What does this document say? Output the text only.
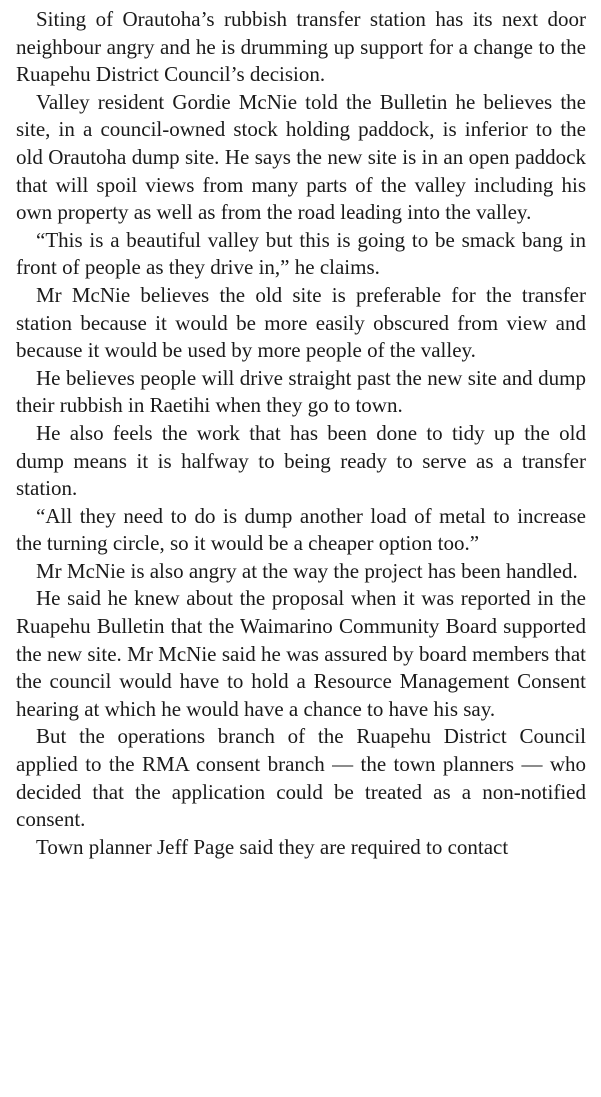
Siting of Orautoha’s rubbish transfer station has its next door neighbour angry and he is drumming up support for a change to the Ruapehu District Council’s decision.

Valley resident Gordie McNie told the Bulletin he believes the site, in a council-owned stock holding paddock, is inferior to the old Orautoha dump site. He says the new site is in an open paddock that will spoil views from many parts of the valley including his own property as well as from the road leading into the valley.

“This is a beautiful valley but this is going to be smack bang in front of people as they drive in,” he claims.

Mr McNie believes the old site is preferable for the transfer station because it would be more easily obscured from view and because it would be used by more people of the valley.

He believes people will drive straight past the new site and dump their rubbish in Raetihi when they go to town.

He also feels the work that has been done to tidy up the old dump means it is halfway to being ready to serve as a transfer station.

“All they need to do is dump another load of metal to increase the turning circle, so it would be a cheaper option too.”

Mr McNie is also angry at the way the project has been handled.

He said he knew about the proposal when it was reported in the Ruapehu Bulletin that the Waimarino Community Board supported the new site. Mr McNie said he was assured by board members that the council would have to hold a Resource Management Consent hearing at which he would have a chance to have his say.

But the operations branch of the Ruapehu District Council applied to the RMA consent branch — the town planners — who decided that the application could be treated as a non-notified consent.

Town planner Jeff Page said they are required to contact
